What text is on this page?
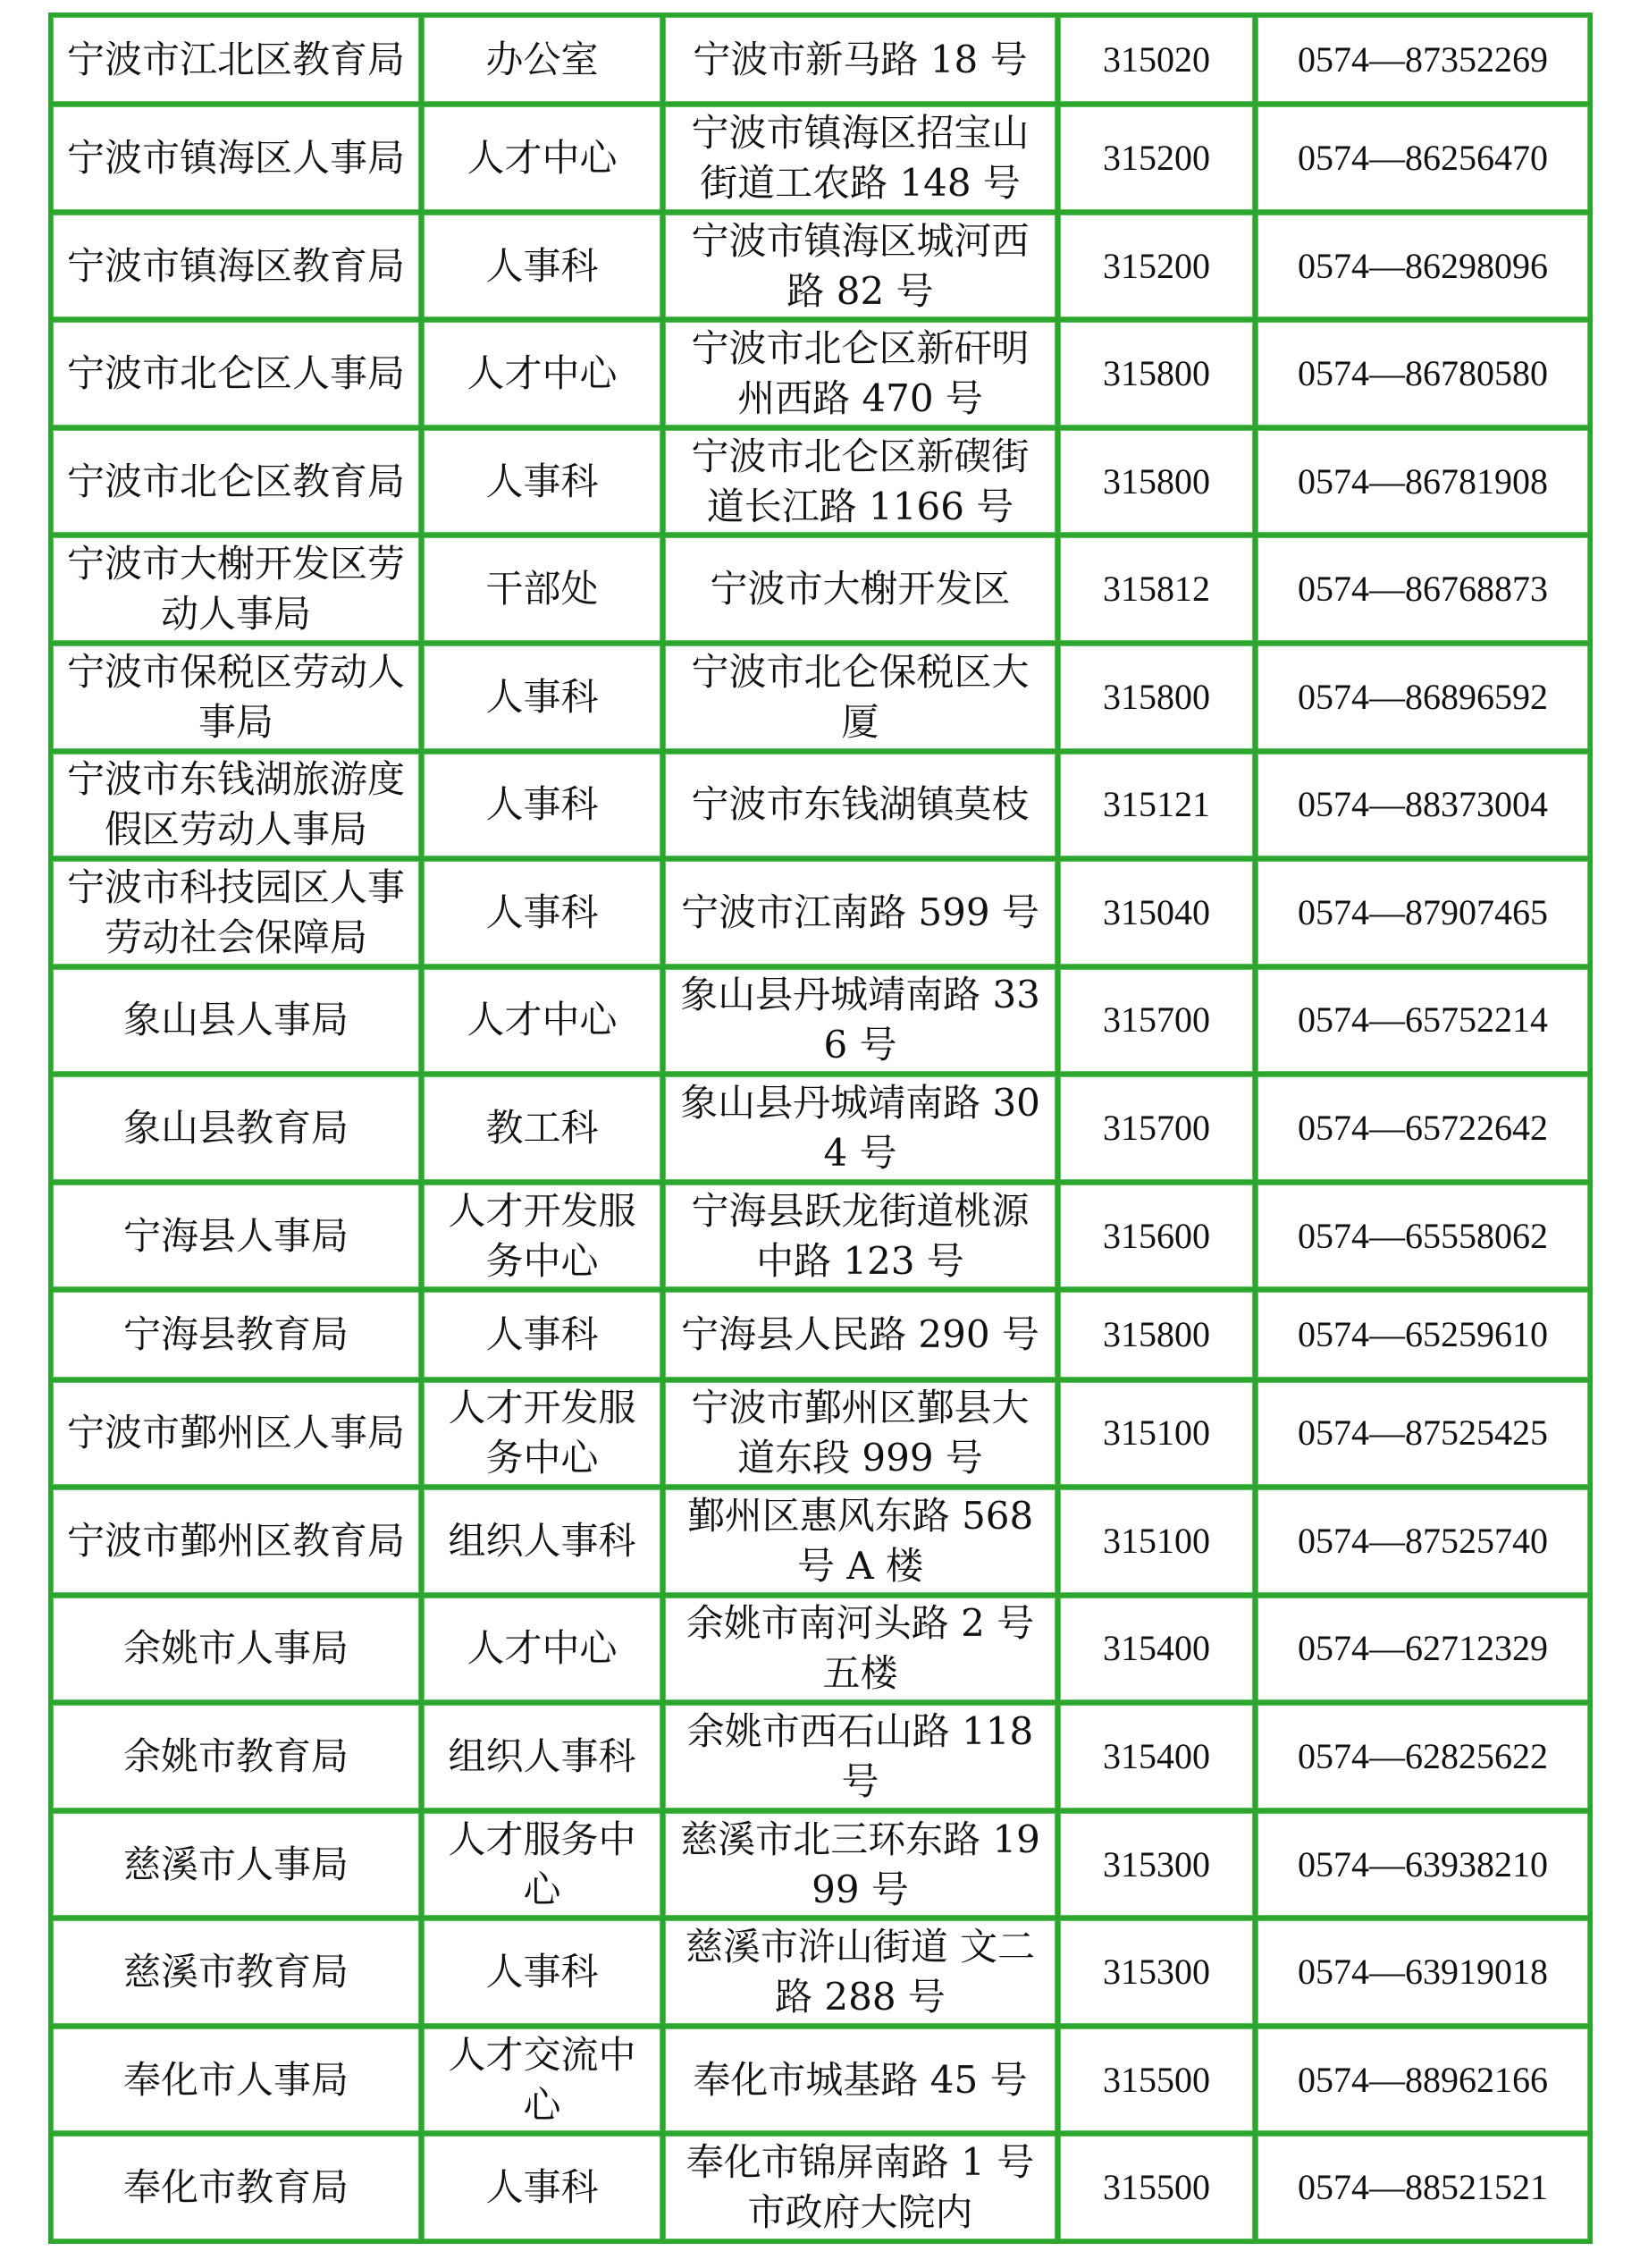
宁波市江北区教育局	办公室	宁波市新马路 18 号	315020	0574—87352269
宁波市镇海区人事局	人才中心	宁波市镇海区招宝山街道工农路 148 号	315200	0574—86256470
宁波市镇海区教育局	人事科	宁波市镇海区城河西路 82 号	315200	0574—86298096
宁波市北仑区人事局	人才中心	宁波市北仑区新矸明州西路 470 号	315800	0574—86780580
宁波市北仑区教育局	人事科	宁波市北仑区新碶街道长江路 1166 号	315800	0574—86781908
宁波市大榭开发区劳动人事局	干部处	宁波市大榭开发区	315812	0574—86768873
宁波市保税区劳动人事局	人事科	宁波市北仑保税区大厦	315800	0574—86896592
宁波市东钱湖旅游度假区劳动人事局	人事科	宁波市东钱湖镇莫枝	315121	0574—88373004
宁波市科技园区人事劳动社会保障局	人事科	宁波市江南路 599 号	315040	0574—87907465
象山县人事局	人才中心	象山县丹城靖南路 336 号	315700	0574—65752214
象山县教育局	教工科	象山县丹城靖南路 304 号	315700	0574—65722642
宁海县人事局	人才开发服务中心	宁海县跃龙街道桃源中路 123 号	315600	0574—65558062
宁海县教育局	人事科	宁海县人民路 290 号	315800	0574—65259610
宁波市鄞州区人事局	人才开发服务中心	宁波市鄞州区鄞县大道东段 999 号	315100	0574—87525425
宁波市鄞州区教育局	组织人事科	鄞州区惠风东路 568 号 A 楼	315100	0574—87525740
余姚市人事局	人才中心	余姚市南河头路 2 号五楼	315400	0574—62712329
余姚市教育局	组织人事科	余姚市西石山路 118 号	315400	0574—62825622
慈溪市人事局	人才服务中心	慈溪市北三环东路 1999 号	315300	0574—63938210
慈溪市教育局	人事科	慈溪市浒山街道 文二路 288 号	315300	0574—63919018
奉化市人事局	人才交流中心	奉化市城基路 45 号	315500	0574—88962166
奉化市教育局	人事科	奉化市锦屏南路 1 号市政府大院内	315500	0574—88521521
